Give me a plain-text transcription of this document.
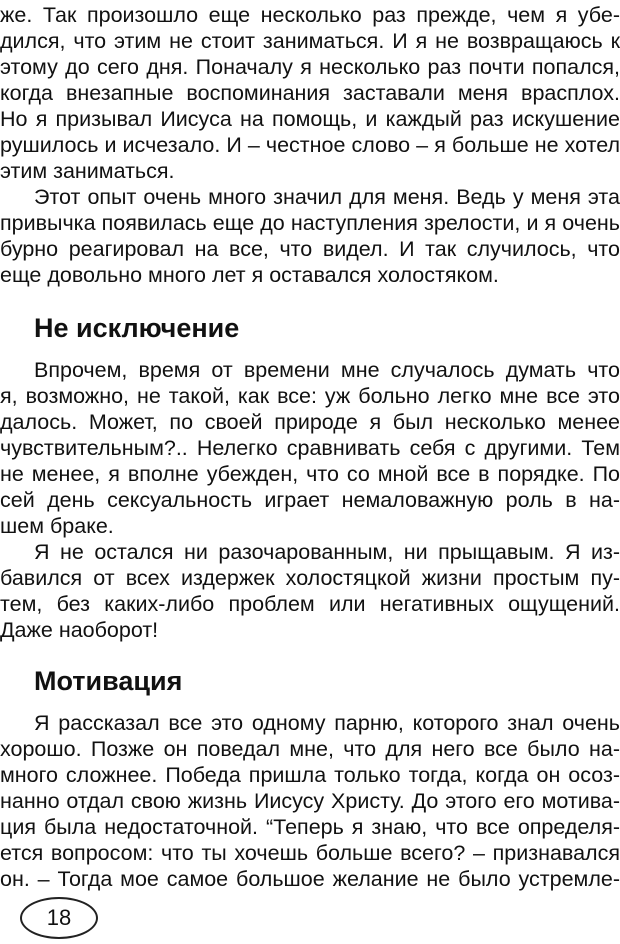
же. Так произошло еще несколько раз прежде, чем я убе-
дился, что этим не стоит заниматься. И я не возвращаюсь к
этому до сего дня. Поначалу я несколько раз почти попался,
когда внезапные воспоминания заставали меня врасплох.
Но я призывал Иисуса на помощь, и каждый раз искушение
рушилось и исчезало. И – честное слово – я больше не хотел
этим заниматься.
Этот опыт очень много значил для меня. Ведь у меня эта
привычка появилась еще до наступления зрелости, и я очень
бурно реагировал на все, что видел. И так случилось, что
еще довольно много лет я оставался холостяком.
Не исключение
Впрочем, время от времени мне случалось думать что
я, возможно, не такой, как все: уж больно легко мне все это
далось. Может, по своей природе я был несколько менее
чувствительным?.. Нелегко сравнивать себя с другими. Тем
не менее, я вполне убежден, что со мной все в порядке. По
сей день сексуальность играет немаловажную роль в на-
шем браке.
Я не остался ни разочарованным, ни прыщавым. Я из-
бавился от всех издержек холостяцкой жизни простым пу-
тем, без каких-либо проблем или негативных ощущений.
Даже наоборот!
Мотивация
Я рассказал все это одному парню, которого знал очень
хорошо. Позже он поведал мне, что для него все было на-
много сложнее. Победа пришла только тогда, когда он осоз-
нанно отдал свою жизнь Иисусу Христу. До этого его мотива-
ция была недостаточной. “Теперь я знаю, что все определя-
ется вопросом: что ты хочешь больше всего? – признавался
он. – Тогда мое самое большое желание не было устремле-
18
